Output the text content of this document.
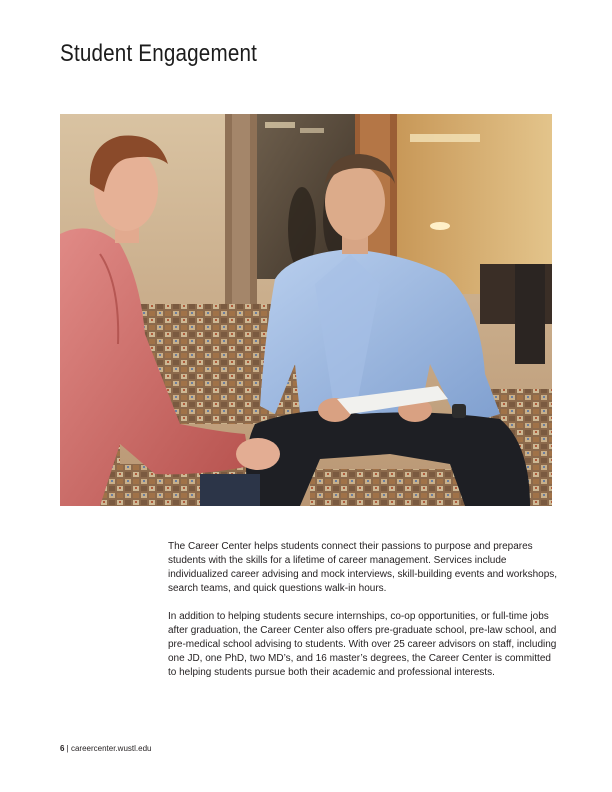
Student Engagement

The Career Center helps students connect their passions to purpose and prepares students with the skills for a lifetime of career management. Services include individualized career advising and mock interviews, skill-building events and workshops, search teams, and quick questions walk-in hours.

In addition to helping students secure internships, co-op opportunities, or full-time jobs after graduation, the Career Center also offers pre-graduate school, pre-law school, and pre-medical school advising to students. With over 25 career advisors on staff, including one JD, one PhD, two MD’s, and 16 master’s degrees, the Career Center is committed to helping students pursue both their academic and professional interests.

6 | careercenter.wustl.edu
